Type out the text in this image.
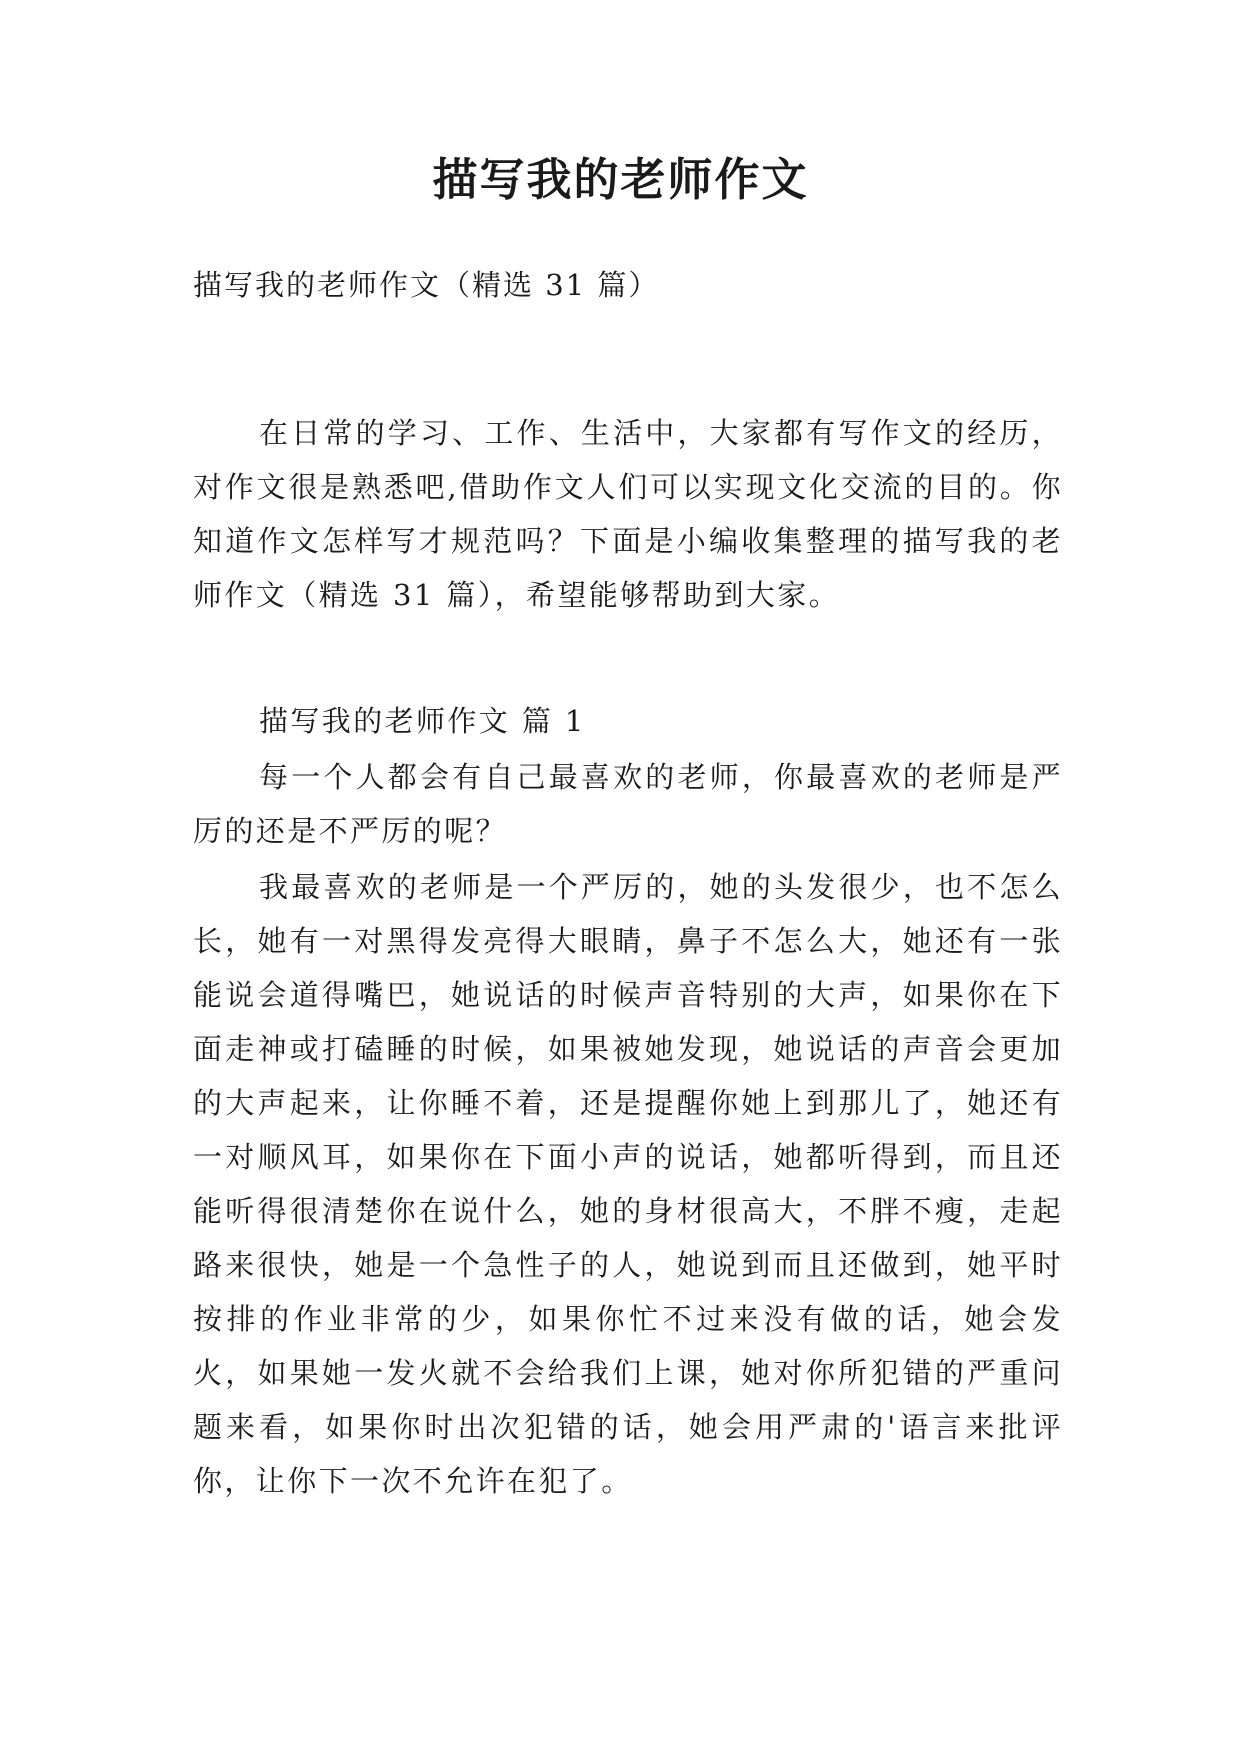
描写我的老师作文
描写我的老师作文（精选 31 篇）

在日常的学习、工作、生活中，大家都有写作文的经历，对作文很是熟悉吧,借助作文人们可以实现文化交流的目的。你知道作文怎样写才规范吗？下面是小编收集整理的描写我的老师作文（精选 31 篇），希望能够帮助到大家。

描写我的老师作文 篇 1

每一个人都会有自己最喜欢的老师，你最喜欢的老师是严厉的还是不严厉的呢？

我最喜欢的老师是一个严厉的，她的头发很少，也不怎么长，她有一对黑得发亮得大眼睛，鼻子不怎么大，她还有一张能说会道得嘴巴，她说话的时候声音特别的大声，如果你在下面走神或打磕睡的时候，如果被她发现，她说话的声音会更加的大声起来，让你睡不着，还是提醒你她上到那儿了，她还有一对顺风耳，如果你在下面小声的说话，她都听得到，而且还能听得很清楚你在说什么，她的身材很高大，不胖不瘦，走起路来很快，她是一个急性子的人，她说到而且还做到，她平时按排的作业非常的少，如果你忙不过来没有做的话，她会发火，如果她一发火就不会给我们上课，她对你所犯错的严重问题来看，如果你时出次犯错的话，她会用严肃的'语言来批评你，让你下一次不允许在犯了。
